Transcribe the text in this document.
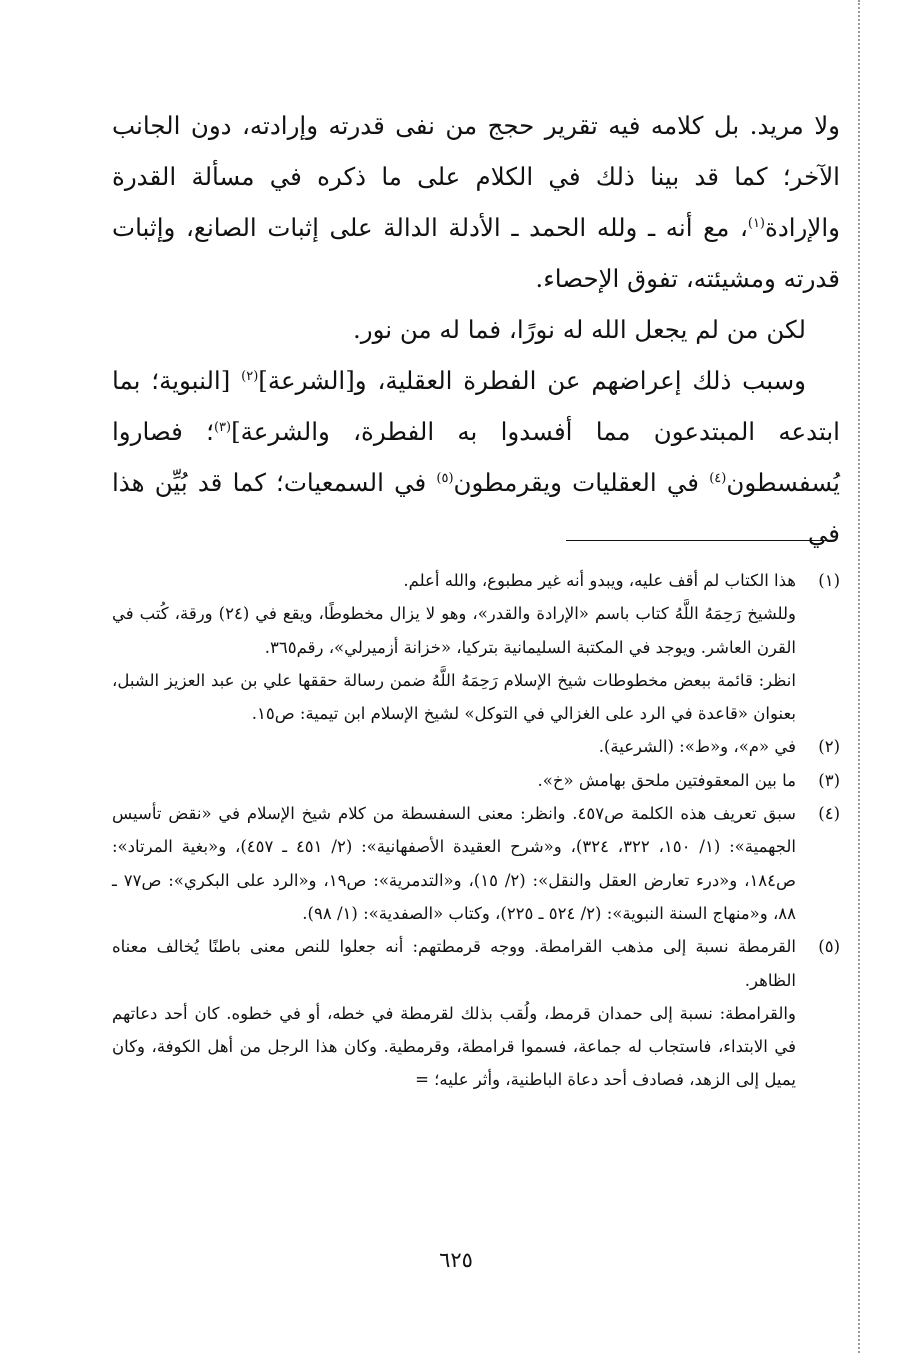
ولا مريد. بل كلامه فيه تقرير حجج من نفى قدرته وإرادته، دون الجانب الآخر؛ كما قد بينا ذلك في الكلام على ما ذكره في مسألة القدرة والإرادة$^{(١)}$، مع أنه ـ ولله الحمد ـ الأدلة الدالة على إثبات الصانع، وإثبات قدرته ومشيئته، تفوق الإحصاء.

لكن من لم يجعل الله له نورًا، فما له من نور.

وسبب ذلك إعراضهم عن الفطرة العقلية، و[الشرعة]$^{(٢)}$ [النبوية؛ بما ابتدعه المبتدعون مما أفسدوا به الفطرة، والشرعة]$^{(٣)}$؛ فصاروا يُسفسطون$^{(٤)}$ في العقليات ويقرمطون$^{(٥)}$ في السمعيات؛ كما قد بُيِّن هذا في

(١)

هذا الكتاب لم أقف عليه، ويبدو أنه غير مطبوع، والله أعلم.

وللشيخ رَحِمَهُ اللَّهُ كتاب باسم «الإرادة والقدر»، وهو لا يزال مخطوطًا، ويقع في (٢٤) ورقة، كُتب في القرن العاشر. ويوجد في المكتبة السليمانية بتركيا، «خزانة أزميرلي»، رقم٣٦٥.

انظر: قائمة ببعض مخطوطات شيخ الإسلام رَحِمَهُ اللَّهُ ضمن رسالة حققها علي بن عبد العزيز الشبل، بعنوان «قاعدة في الرد على الغزالي في التوكل» لشيخ الإسلام ابن تيمية: ص١٥.

(٢)

في «م»، و«ط»: (الشرعية).

(٣)

ما بين المعقوفتين ملحق بهامش «خ».

(٤)

سبق تعريف هذه الكلمة ص٤٥٧. وانظر: معنى السفسطة من كلام شيخ الإسلام في «نقض تأسيس الجهمية»: (١/ ١٥٠، ٣٢٢، ٣٢٤)، و«شرح العقيدة الأصفهانية»: (٢/ ٤٥١ ـ ٤٥٧)، و«بغية المرتاد»: ص١٨٤، و«درء تعارض العقل والنقل»: (٢/ ١٥)، و«التدمرية»: ص١٩، و«الرد على البكري»: ص٧٧ ـ ٨٨، و«منهاج السنة النبوية»: (٢/ ٥٢٤ ـ ٢٢٥)، وكتاب «الصفدية»: (١/ ٩٨).

(٥)

القرمطة نسبة إلى مذهب القرامطة. ووجه قرمطتهم: أنه جعلوا للنص معنى باطنًا يُخالف معناه الظاهر.

والقرامطة: نسبة إلى حمدان قرمط، ولُقب بذلك لقرمطة في خطه، أو في خطوه. كان أحد دعاتهم في الابتداء، فاستجاب له جماعة، فسموا قرامطة، وقرمطية. وكان هذا الرجل من أهل الكوفة، وكان يميل إلى الزهد، فصادف أحد دعاة الباطنية، وأثر عليه؛ =

٦٢٥
